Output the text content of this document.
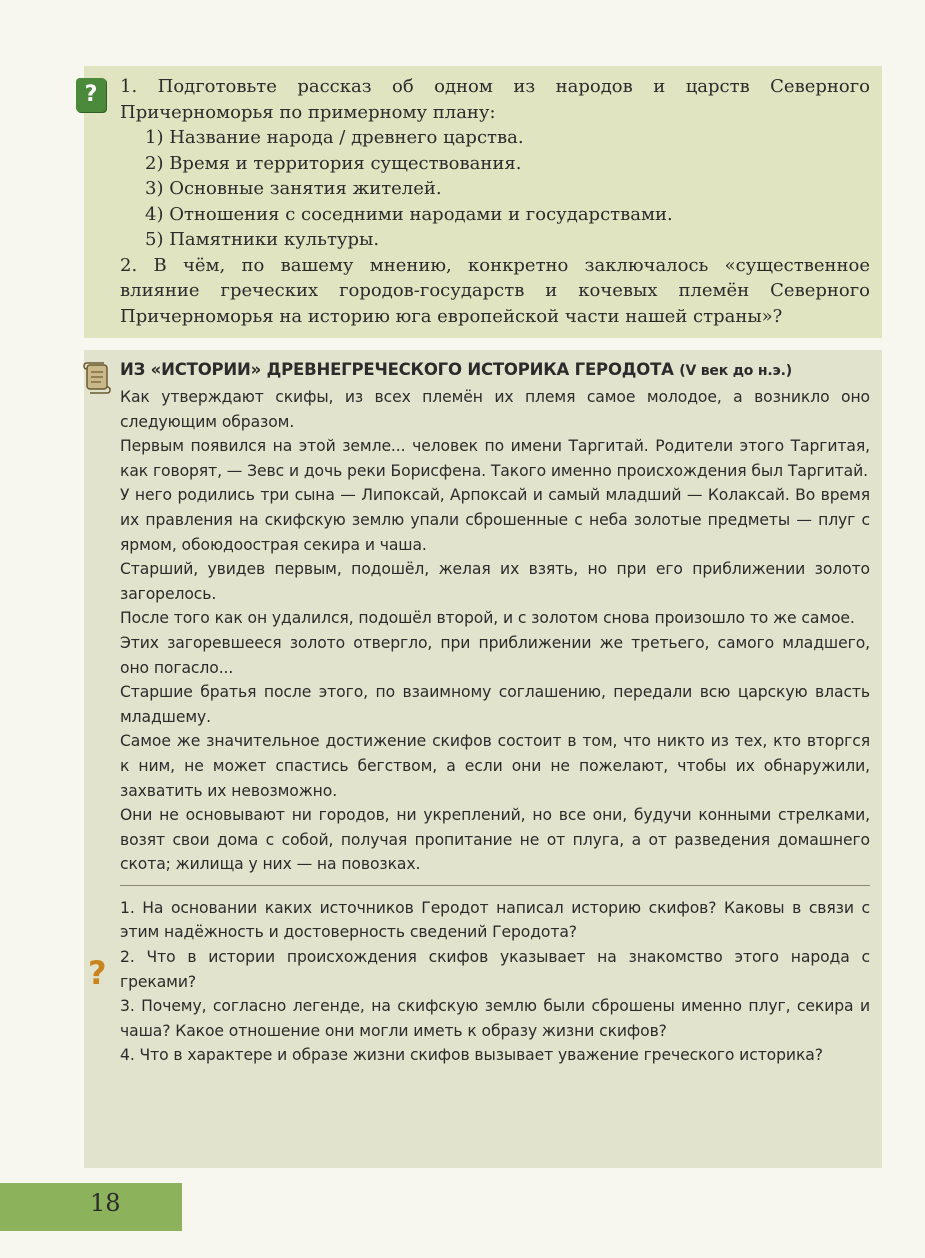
1. Подготовьте рассказ об одном из народов и царств Северного Причерноморья по примерному плану:

1) Название народа / древнего царства.
2) Время и территория существования.
3) Основные занятия жителей.
4) Отношения с соседними народами и государствами.
5) Памятники культуры.

2. В чём, по вашему мнению, конкретно заключалось «существенное влияние греческих городов-государств и кочевых племён Северного Причерноморья на историю юга европейской части нашей страны»?

?
ИЗ «ИСТОРИИ» ДРЕВНЕГРЕЧЕСКОГО ИСТОРИКА ГЕРОДОТА (V век до н.э.)

Как утверждают скифы, из всех племён их племя самое молодое, а возникло оно следующим образом.

Первым появился на этой земле... человек по имени Таргитай. Родители этого Таргитая, как говорят, — Зевс и дочь реки Борисфена. Такого именно происхождения был Таргитай.

У него родились три сына — Липоксай, Арпоксай и самый младший — Колаксай. Во время их правления на скифскую землю упали сброшенные с неба золотые предметы — плуг с ярмом, обоюдоострая секира и чаша.

Старший, увидев первым, подошёл, желая их взять, но при его приближении золото загорелось.

После того как он удалился, подошёл второй, и с золотом снова произошло то же самое.

Этих загоревшееся золото отвергло, при приближении же третьего, самого младшего, оно погасло...

Старшие братья после этого, по взаимному соглашению, передали всю царскую власть младшему.

Самое же значительное достижение скифов состоит в том, что никто из тех, кто вторгся к ним, не может спастись бегством, а если они не пожелают, чтобы их обнаружили, захватить их невозможно.

Они не основывают ни городов, ни укреплений, но все они, будучи конными стрелками, возят свои дома с собой, получая пропитание не от плуга, а от разведения домашнего скота; жилища у них — на повозках.

1. На основании каких источников Геродот написал историю скифов? Каковы в связи с этим надёжность и достоверность сведений Геродота?

2. Что в истории происхождения скифов указывает на знакомство этого народа с греками?

3. Почему, согласно легенде, на скифскую землю были сброшены именно плуг, секира и чаша? Какое отношение они могли иметь к образу жизни скифов?

4. Что в характере и образе жизни скифов вызывает уважение греческого историка?

?
18
